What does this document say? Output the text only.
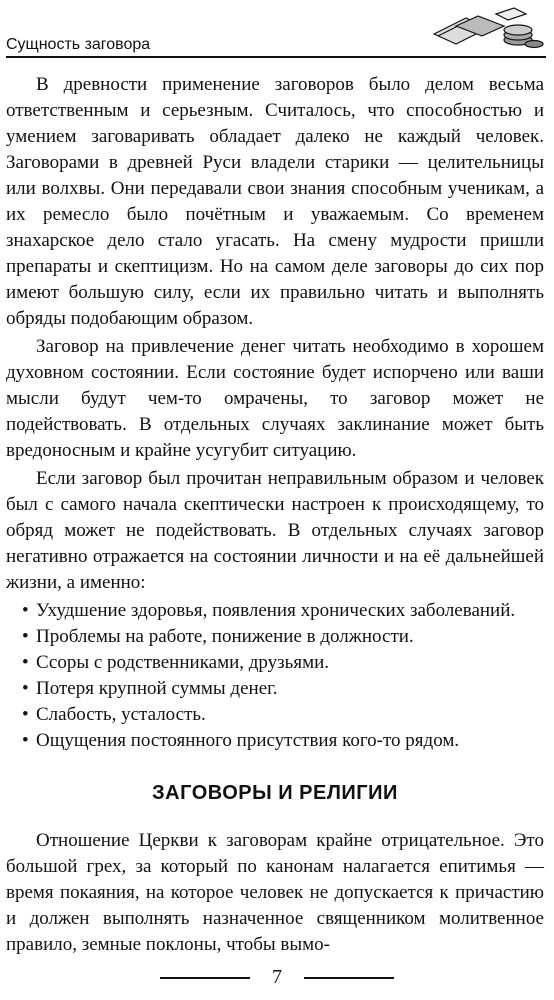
Сущность заговора

В древности применение заговоров было делом весьма ответственным и серьезным. Считалось, что способностью и умением заговаривать обладает далеко не каждый человек. Заговорами в древней Руси владели старики — целительницы или волхвы. Они передавали свои знания способным ученикам, а их ремесло было почётным и уважаемым. Со временем знахарское дело стало угасать. На смену мудрости пришли препараты и скептицизм. Но на самом деле заговоры до сих пор имеют большую силу, если их правильно читать и выполнять обряды подобающим образом.

Заговор на привлечение денег читать необходимо в хорошем духовном состоянии. Если состояние будет испорчено или ваши мысли будут чем-то омрачены, то заговор может не подействовать. В отдельных случаях заклинание может быть вредоносным и крайне усугубит ситуацию.

Если заговор был прочитан неправильным образом и человек был с самого начала скептически настроен к происходящему, то обряд может не подействовать. В отдельных случаях заговор негативно отражается на состоянии личности и на её дальнейшей жизни, а именно:

• Ухудшение здоровья, появления хронических заболеваний.
• Проблемы на работе, понижение в должности.
• Ссоры с родственниками, друзьями.
• Потеря крупной суммы денег.
• Слабость, усталость.
• Ощущения постоянного присутствия кого-то рядом.
ЗАГОВОРЫ И РЕЛИГИИ

Отношение Церкви к заговорам крайне отрицательное. Это большой грех, за который по канонам налагается епитимья — время покаяния, на которое человек не допускается к причастию и должен выполнять назначенное священником молитвенное правило, земные поклоны, чтобы вымо-

7
